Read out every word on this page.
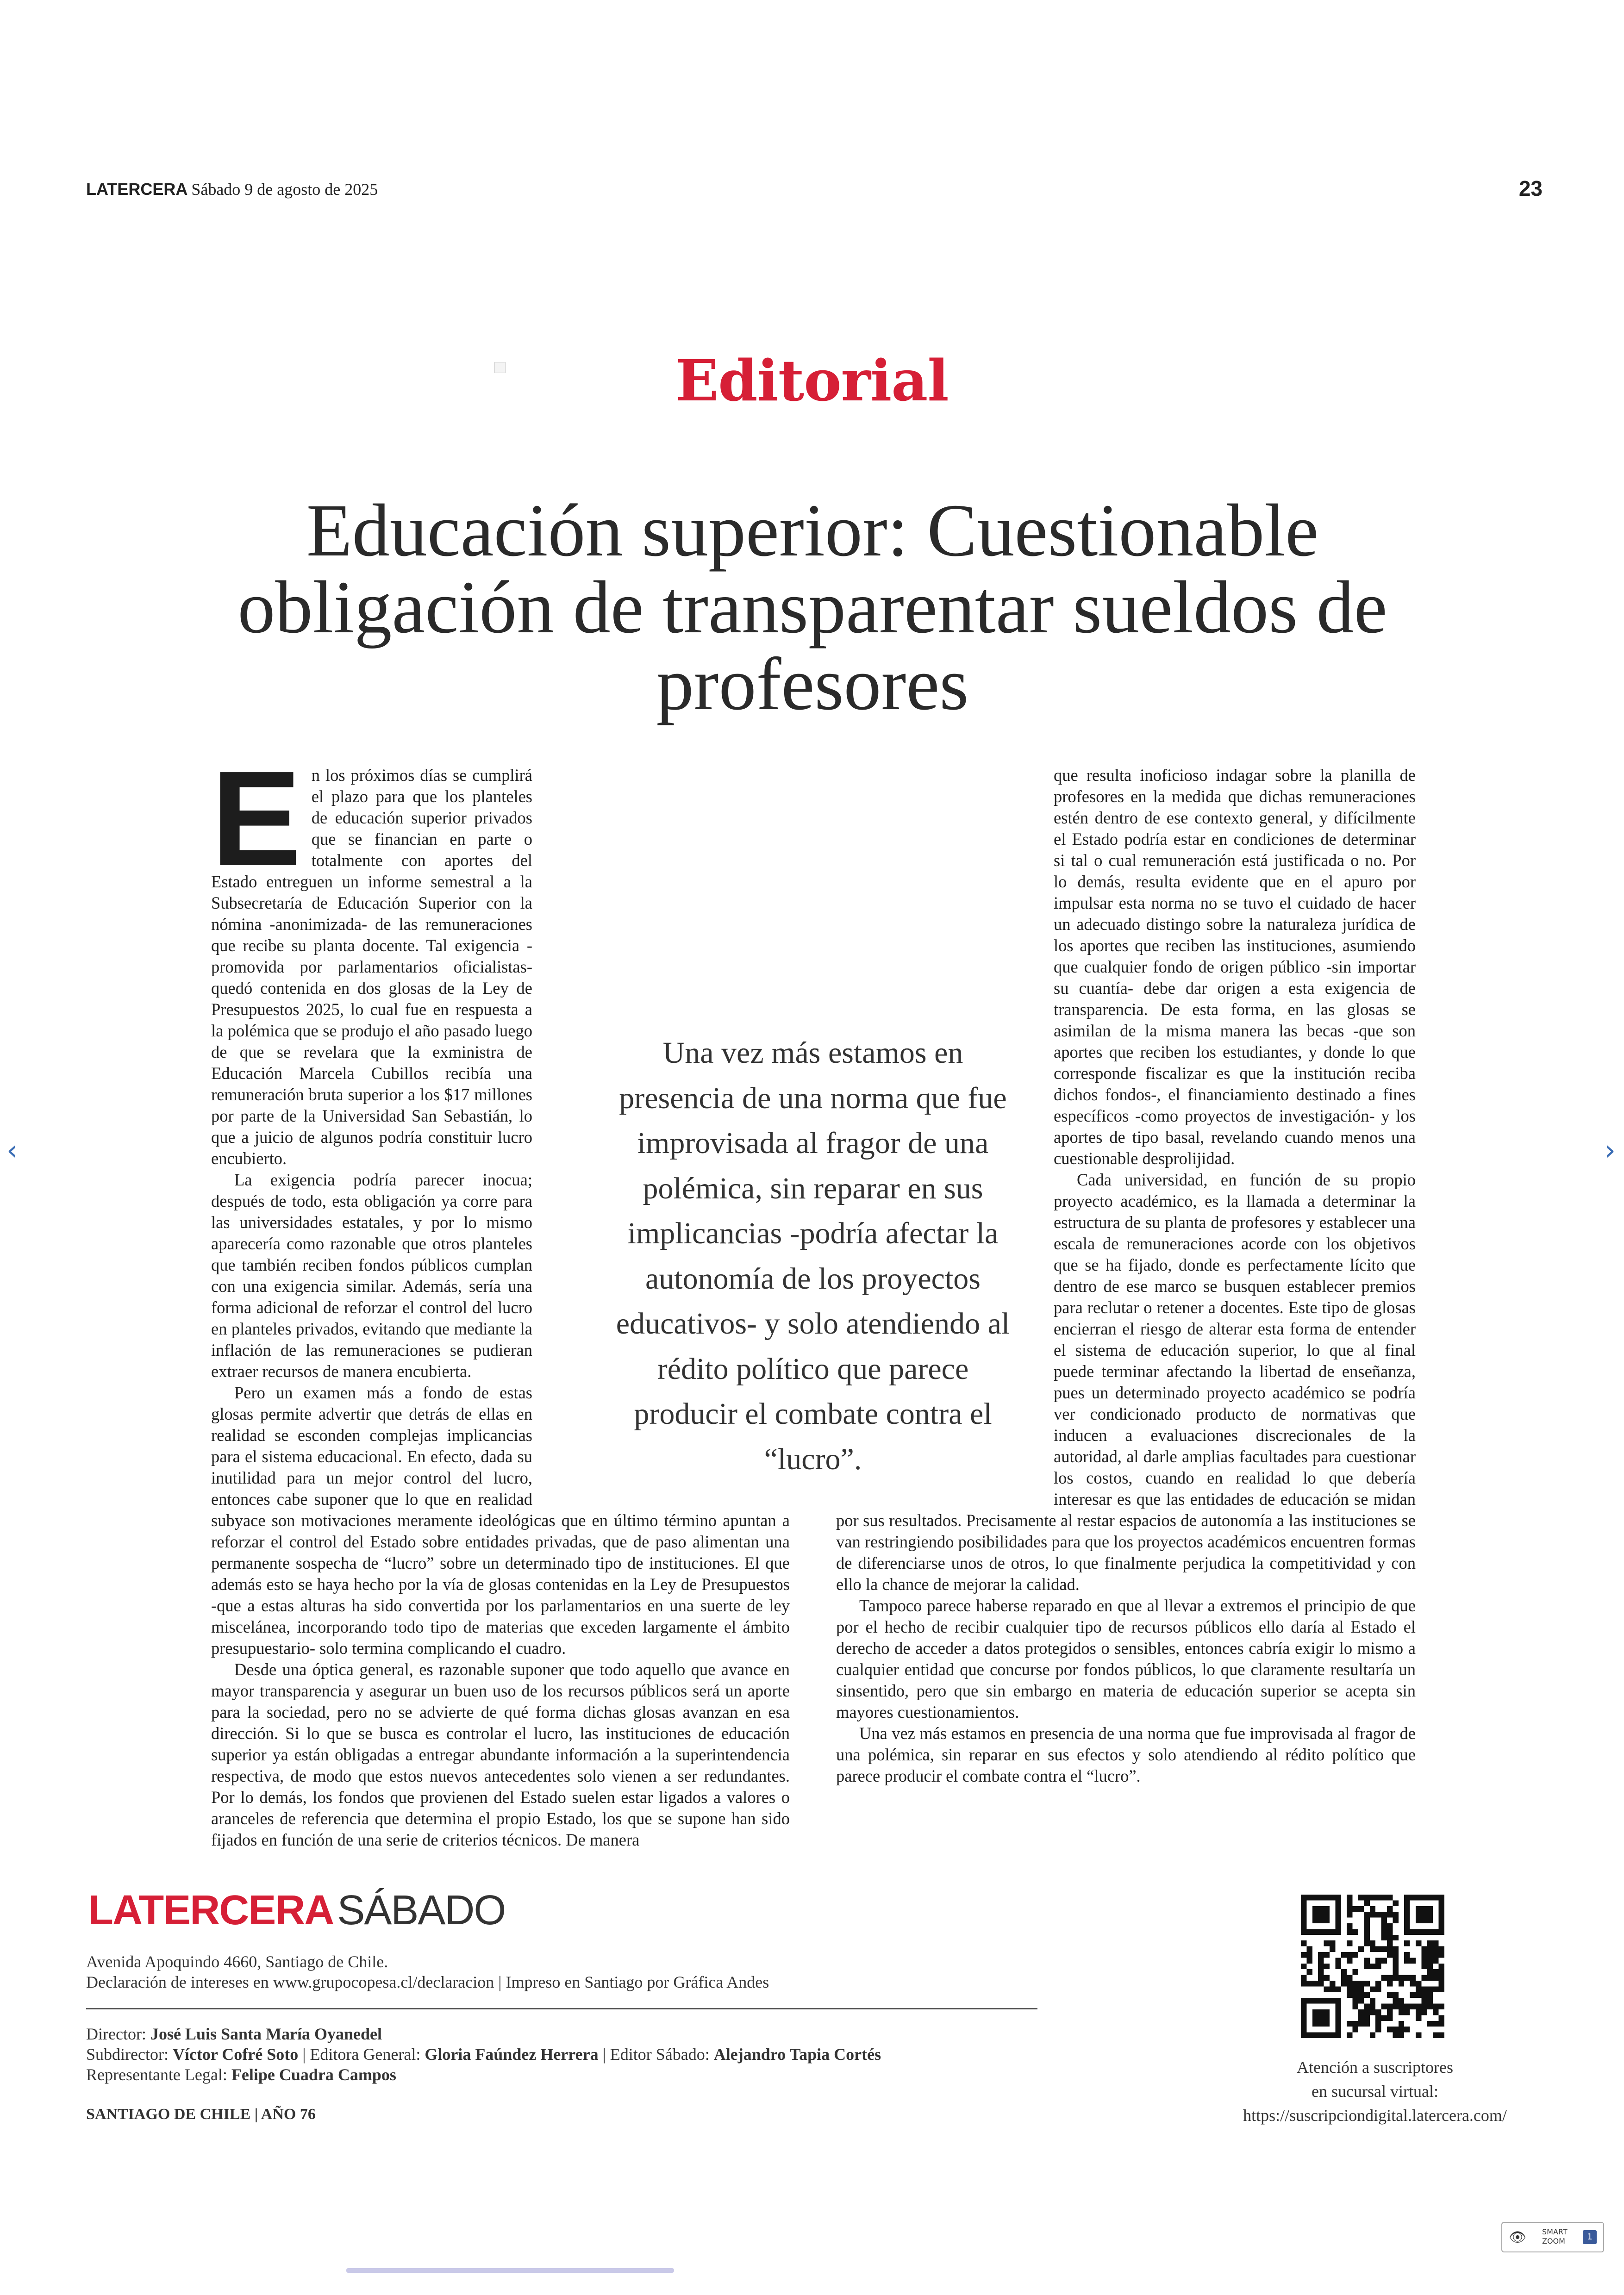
LATERCERA Sábado 9 de agosto de 2025	23
Editorial
Educación superior: Cuestionable obligación de transparentar sueldos de profesores

En los próximos días se cumplirá el plazo para que los planteles de educación superior privados que se financian en parte o totalmente con aportes del Estado entreguen un informe semestral a la Subsecretaría de Educación Superior con la nómina -anonimizada- de las remuneraciones que recibe su planta docente. Tal exigencia -promovida por parlamentarios oficialistas- quedó contenida en dos glosas de la Ley de Presupuestos 2025, lo cual fue en respuesta a la polémica que se produjo el año pasado luego de que se revelara que la exministra de Educación Marcela Cubillos recibía una remuneración bruta superior a los $17 millones por parte de la Universidad San Sebastián, lo que a juicio de algunos podría constituir lucro encubierto.

La exigencia podría parecer inocua; después de todo, esta obligación ya corre para las universidades estatales, y por lo mismo aparecería como razonable que otros planteles que también reciben fondos públicos cumplan con una exigencia similar. Además, sería una forma adicional de reforzar el control del lucro en planteles privados, evitando que mediante la inflación de las remuneraciones se pudieran extraer recursos de manera encubierta.

Pero un examen más a fondo de estas glosas permite advertir que detrás de ellas en realidad se esconden complejas implicancias para el sistema educacional. En efecto, dada su inutilidad para un mejor control del lucro, entonces cabe suponer que lo que en realidad subyace son motivaciones meramente ideológicas que en último término apuntan a reforzar el control del Estado sobre entidades privadas, que de paso alimentan una permanente sospecha de “lucro” sobre un determinado tipo de instituciones. El que además esto se haya hecho por la vía de glosas contenidas en la Ley de Presupuestos -que a estas alturas ha sido convertida por los parlamentarios en una suerte de ley miscelánea, incorporando todo tipo de materias que exceden largamente el ámbito presupuestario- solo termina complicando el cuadro.

Desde una óptica general, es razonable suponer que todo aquello que avance en mayor transparencia y asegurar un buen uso de los recursos públicos será un aporte para la sociedad, pero no se advierte de qué forma dichas glosas avanzan en esa dirección. Si lo que se busca es controlar el lucro, las instituciones de educación superior ya están obligadas a entregar abundante información a la superintendencia respectiva, de modo que estos nuevos antecedentes solo vienen a ser redundantes. Por lo demás, los fondos que provienen del Estado suelen estar ligados a valores o aranceles de referencia que determina el propio Estado, los que se supone han sido fijados en función de una serie de criterios técnicos. De manera

que resulta inoficioso indagar sobre la planilla de profesores en la medida que dichas remuneraciones estén dentro de ese contexto general, y difícilmente el Estado podría estar en condiciones de determinar si tal o cual remuneración está justificada o no. Por lo demás, resulta evidente que en el apuro por impulsar esta norma no se tuvo el cuidado de hacer un adecuado distingo sobre la naturaleza jurídica de los aportes que reciben las instituciones, asumiendo que cualquier fondo de origen público -sin importar su cuantía- debe dar origen a esta exigencia de transparencia. De esta forma, en las glosas se asimilan de la misma manera las becas -que son aportes que reciben los estudiantes, y donde lo que corresponde fiscalizar es que la institución reciba dichos fondos-, el financiamiento destinado a fines específicos -como proyectos de investigación- y los aportes de tipo basal, revelando cuando menos una cuestionable desprolijidad.

Cada universidad, en función de su propio proyecto académico, es la llamada a determinar la estructura de su planta de profesores y establecer una escala de remuneraciones acorde con los objetivos que se ha fijado, donde es perfectamente lícito que dentro de ese marco se busquen establecer premios para reclutar o retener a docentes. Este tipo de glosas encierran el riesgo de alterar esta forma de entender el sistema de educación superior, lo que al final puede terminar afectando la libertad de enseñanza, pues un determinado proyecto académico se podría ver condicionado producto de normativas que inducen a evaluaciones discrecionales de la autoridad, al darle amplias facultades para cuestionar los costos, cuando en realidad lo que debería interesar es que las entidades de educación se midan por sus resultados. Precisamente al restar espacios de autonomía a las instituciones se van restringiendo posibilidades para que los proyectos académicos encuentren formas de diferenciarse unos de otros, lo que finalmente perjudica la competitividad y con ello la chance de mejorar la calidad.

Tampoco parece haberse reparado en que al llevar a extremos el principio de que por el hecho de recibir cualquier tipo de recursos públicos ello daría al Estado el derecho de acceder a datos protegidos o sensibles, entonces cabría exigir lo mismo a cualquier entidad que concurse por fondos públicos, lo que claramente resultaría un sinsentido, pero que sin embargo en materia de educación superior se acepta sin mayores cuestionamientos.

Una vez más estamos en presencia de una norma que fue improvisada al fragor de una polémica, sin reparar en sus efectos y solo atendiendo al rédito político que parece producir el combate contra el “lucro”.

Una vez más estamos en presencia de una norma que fue improvisada al fragor de una polémica, sin reparar en sus implicancias -podría afectar la autonomía de los proyectos educativos- y solo atendiendo al rédito político que parece producir el combate contra el “lucro”.
‹	›
LATERCERASÁBADO
Avenida Apoquindo 4660, Santiago de Chile.
Declaración de intereses en www.grupocopesa.cl/declaracion | Impreso en Santiago por Gráfica Andes
Director: José Luis Santa María Oyanedel
Subdirector: Víctor Cofré Soto | Editora General: Gloria Faúndez Herrera | Editor Sábado: Alejandro Tapia Cortés
Representante Legal: Felipe Cuadra Campos
SANTIAGO DE CHILE | AÑO 76
Atención a suscriptores
en sucursal virtual:
https://suscripciondigital.latercera.com/
👁 SMART
ZOOM	1
